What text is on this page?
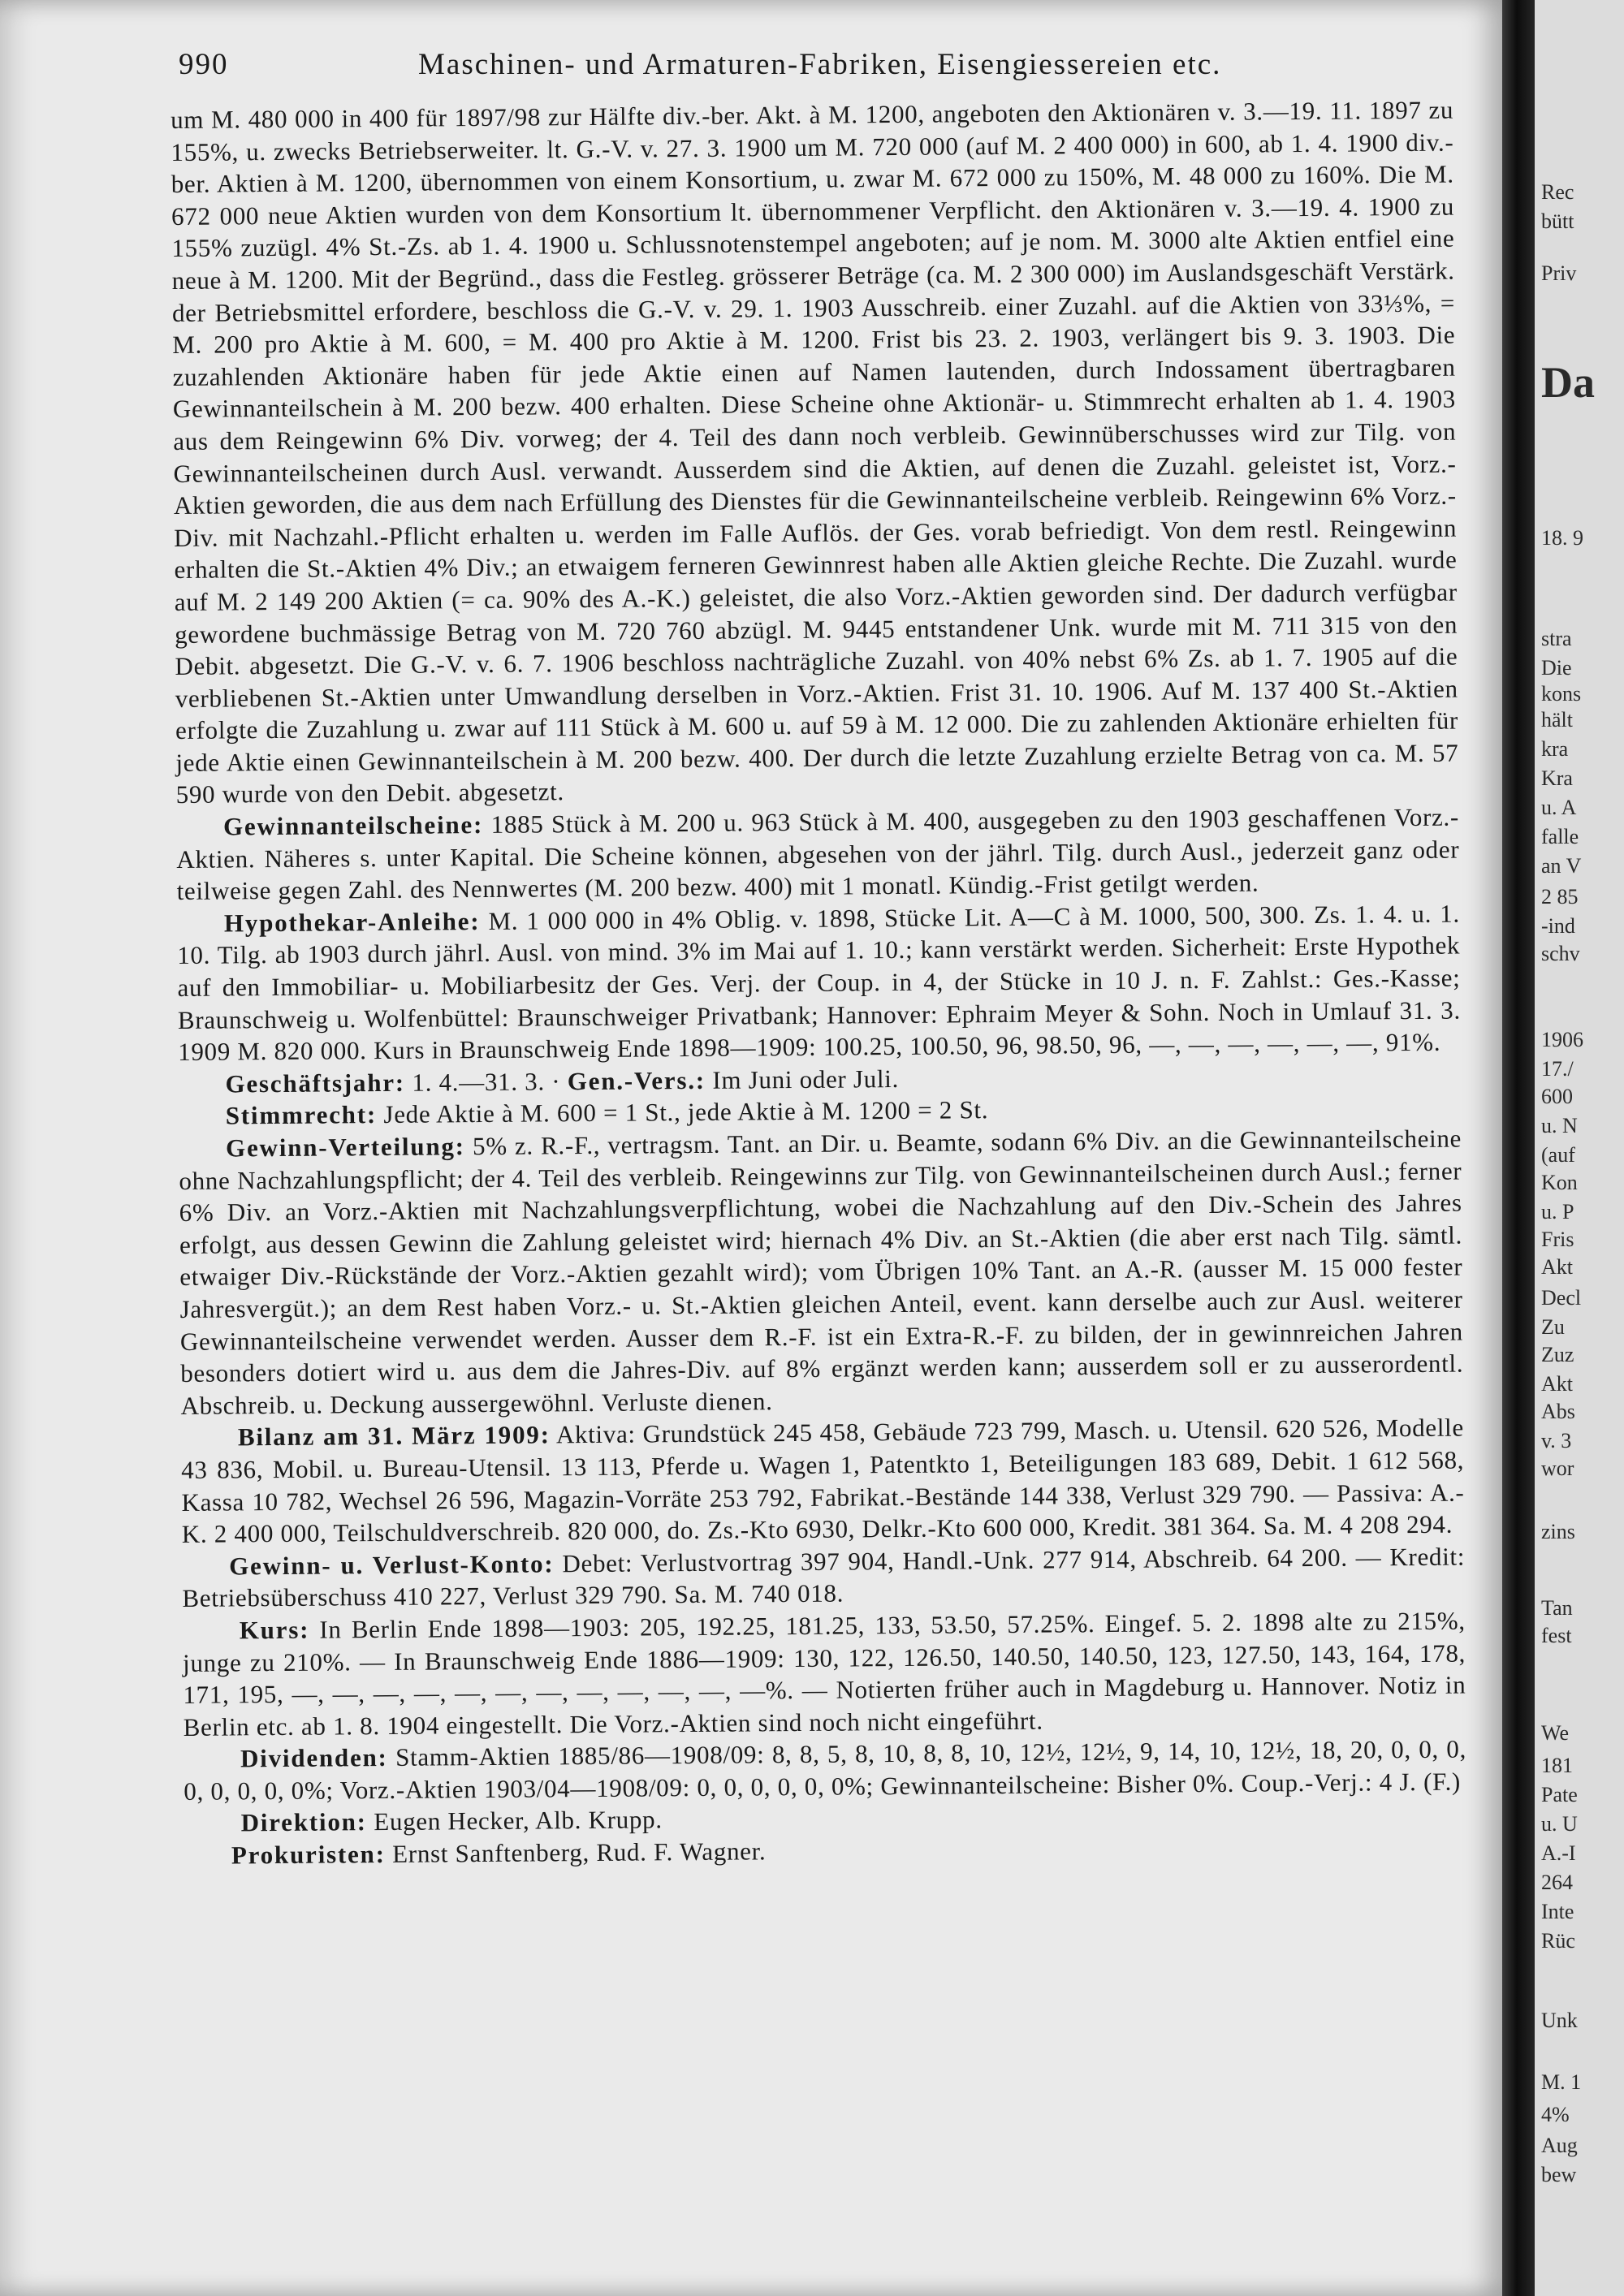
990	Maschinen- und Armaturen-Fabriken, Eisengiessereien etc.

um M. 480 000 in 400 für 1897/98 zur Hälfte div.-ber. Akt. à M. 1200, angeboten den Aktionären v. 3.—19. 11. 1897 zu 155%, u. zwecks Betriebserweiter. lt. G.-V. v. 27. 3. 1900 um M. 720 000 (auf M. 2 400 000) in 600, ab 1. 4. 1900 div.-ber. Aktien à M. 1200, übernommen von einem Konsortium, u. zwar M. 672 000 zu 150%, M. 48 000 zu 160%. Die M. 672 000 neue Aktien wurden von dem Konsortium lt. übernommener Verpflicht. den Aktionären v. 3.—19. 4. 1900 zu 155% zuzügl. 4% St.-Zs. ab 1. 4. 1900 u. Schlussnotenstempel angeboten; auf je nom. M. 3000 alte Aktien entfiel eine neue à M. 1200. Mit der Begründ., dass die Festleg. grösserer Beträge (ca. M. 2 300 000) im Auslandsgeschäft Verstärk. der Betriebsmittel erfordere, beschloss die G.-V. v. 29. 1. 1903 Ausschreib. einer Zuzahl. auf die Aktien von 33⅓%, = M. 200 pro Aktie à M. 600, = M. 400 pro Aktie à M. 1200. Frist bis 23. 2. 1903, verlängert bis 9. 3. 1903. Die zuzahlenden Aktionäre haben für jede Aktie einen auf Namen lautenden, durch Indossament übertragbaren Gewinnanteilschein à M. 200 bezw. 400 erhalten. Diese Scheine ohne Aktionär- u. Stimmrecht erhalten ab 1. 4. 1903 aus dem Reingewinn 6% Div. vorweg; der 4. Teil des dann noch verbleib. Gewinnüberschusses wird zur Tilg. von Gewinnanteilscheinen durch Ausl. verwandt. Ausserdem sind die Aktien, auf denen die Zuzahl. geleistet ist, Vorz.-Aktien geworden, die aus dem nach Erfüllung des Dienstes für die Gewinnanteilscheine verbleib. Reingewinn 6% Vorz.-Div. mit Nachzahl.-Pflicht erhalten u. werden im Falle Auflös. der Ges. vorab befriedigt. Von dem restl. Reingewinn erhalten die St.-Aktien 4% Div.; an etwaigem ferneren Gewinnrest haben alle Aktien gleiche Rechte. Die Zuzahl. wurde auf M. 2 149 200 Aktien (= ca. 90% des A.-K.) geleistet, die also Vorz.-Aktien geworden sind. Der dadurch verfügbar gewordene buchmässige Betrag von M. 720 760 abzügl. M. 9445 entstandener Unk. wurde mit M. 711 315 von den Debit. abgesetzt. Die G.-V. v. 6. 7. 1906 beschloss nachträgliche Zuzahl. von 40% nebst 6% Zs. ab 1. 7. 1905 auf die verbliebenen St.-Aktien unter Umwandlung derselben in Vorz.-Aktien. Frist 31. 10. 1906. Auf M. 137 400 St.-Aktien erfolgte die Zuzahlung u. zwar auf 111 Stück à M. 600 u. auf 59 à M. 12 000. Die zu zahlenden Aktionäre erhielten für jede Aktie einen Gewinnanteilschein à M. 200 bezw. 400. Der durch die letzte Zuzahlung erzielte Betrag von ca. M. 57 590 wurde von den Debit. abgesetzt.

Gewinnanteilscheine: 1885 Stück à M. 200 u. 963 Stück à M. 400, ausgegeben zu den 1903 geschaffenen Vorz.-Aktien. Näheres s. unter Kapital. Die Scheine können, abgesehen von der jährl. Tilg. durch Ausl., jederzeit ganz oder teilweise gegen Zahl. des Nennwertes (M. 200 bezw. 400) mit 1 monatl. Kündig.-Frist getilgt werden.

Hypothekar-Anleihe: M. 1 000 000 in 4% Oblig. v. 1898, Stücke Lit. A—C à M. 1000, 500, 300. Zs. 1. 4. u. 1. 10. Tilg. ab 1903 durch jährl. Ausl. von mind. 3% im Mai auf 1. 10.; kann verstärkt werden. Sicherheit: Erste Hypothek auf den Immobiliar- u. Mobiliarbesitz der Ges. Verj. der Coup. in 4, der Stücke in 10 J. n. F. Zahlst.: Ges.-Kasse; Braunschweig u. Wolfenbüttel: Braunschweiger Privatbank; Hannover: Ephraim Meyer & Sohn. Noch in Umlauf 31. 3. 1909 M. 820 000. Kurs in Braunschweig Ende 1898—1909: 100.25, 100.50, 96, 98.50, 96, —, —, —, —, —, —, 91%.

Geschäftsjahr: 1. 4.—31. 3. · Gen.-Vers.: Im Juni oder Juli.

Stimmrecht: Jede Aktie à M. 600 = 1 St., jede Aktie à M. 1200 = 2 St.

Gewinn-Verteilung: 5% z. R.-F., vertragsm. Tant. an Dir. u. Beamte, sodann 6% Div. an die Gewinnanteilscheine ohne Nachzahlungspflicht; der 4. Teil des verbleib. Reingewinns zur Tilg. von Gewinnanteilscheinen durch Ausl.; ferner 6% Div. an Vorz.-Aktien mit Nachzahlungsverpflichtung, wobei die Nachzahlung auf den Div.-Schein des Jahres erfolgt, aus dessen Gewinn die Zahlung geleistet wird; hiernach 4% Div. an St.-Aktien (die aber erst nach Tilg. sämtl. etwaiger Div.-Rückstände der Vorz.-Aktien gezahlt wird); vom Übrigen 10% Tant. an A.-R. (ausser M. 15 000 fester Jahresvergüt.); an dem Rest haben Vorz.- u. St.-Aktien gleichen Anteil, event. kann derselbe auch zur Ausl. weiterer Gewinnanteilscheine verwendet werden. Ausser dem R.-F. ist ein Extra-R.-F. zu bilden, der in gewinnreichen Jahren besonders dotiert wird u. aus dem die Jahres-Div. auf 8% ergänzt werden kann; ausserdem soll er zu ausserordentl. Abschreib. u. Deckung aussergewöhnl. Verluste dienen.

Bilanz am 31. März 1909: Aktiva: Grundstück 245 458, Gebäude 723 799, Masch. u. Utensil. 620 526, Modelle 43 836, Mobil. u. Bureau-Utensil. 13 113, Pferde u. Wagen 1, Patentkto 1, Beteiligungen 183 689, Debit. 1 612 568, Kassa 10 782, Wechsel 26 596, Magazin-Vorräte 253 792, Fabrikat.-Bestände 144 338, Verlust 329 790. — Passiva: A.-K. 2 400 000, Teilschuldverschreib. 820 000, do. Zs.-Kto 6930, Delkr.-Kto 600 000, Kredit. 381 364. Sa. M. 4 208 294.

Gewinn- u. Verlust-Konto: Debet: Verlustvortrag 397 904, Handl.-Unk. 277 914, Abschreib. 64 200. — Kredit: Betriebsüberschuss 410 227, Verlust 329 790. Sa. M. 740 018.

Kurs: In Berlin Ende 1898—1903: 205, 192.25, 181.25, 133, 53.50, 57.25%. Eingef. 5. 2. 1898 alte zu 215%, junge zu 210%. — In Braunschweig Ende 1886—1909: 130, 122, 126.50, 140.50, 140.50, 123, 127.50, 143, 164, 178, 171, 195, —, —, —, —, —, —, —, —, —, —, —, —%. — Notierten früher auch in Magdeburg u. Hannover. Notiz in Berlin etc. ab 1. 8. 1904 eingestellt. Die Vorz.-Aktien sind noch nicht eingeführt.

Dividenden: Stamm-Aktien 1885/86—1908/09: 8, 8, 5, 8, 10, 8, 8, 10, 12½, 12½, 9, 14, 10, 12½, 18, 20, 0, 0, 0, 0, 0, 0, 0, 0%; Vorz.-Aktien 1903/04—1908/09: 0, 0, 0, 0, 0, 0%; Gewinnanteilscheine: Bisher 0%. Coup.-Verj.: 4 J. (F.)

Direktion: Eugen Hecker, Alb. Krupp.

Prokuristen: Ernst Sanftenberg, Rud. F. Wagner.

Rec
bütt
Priv
Da
18. 9
stra
Die
kons
hält
kra
Kra
u. A
falle
an V
2 85
-ind
schv
1906
17./
600
u. N
(auf
Kon
u. P
Fris
Akt
Decl
Zu
Zuz
Akt
Abs
v. 3
wor
zins
Tan
fest
We
181
Pate
u. U
A.-I
264
Inte
Rüc
Unk
M. 1
4%
Aug
bew
